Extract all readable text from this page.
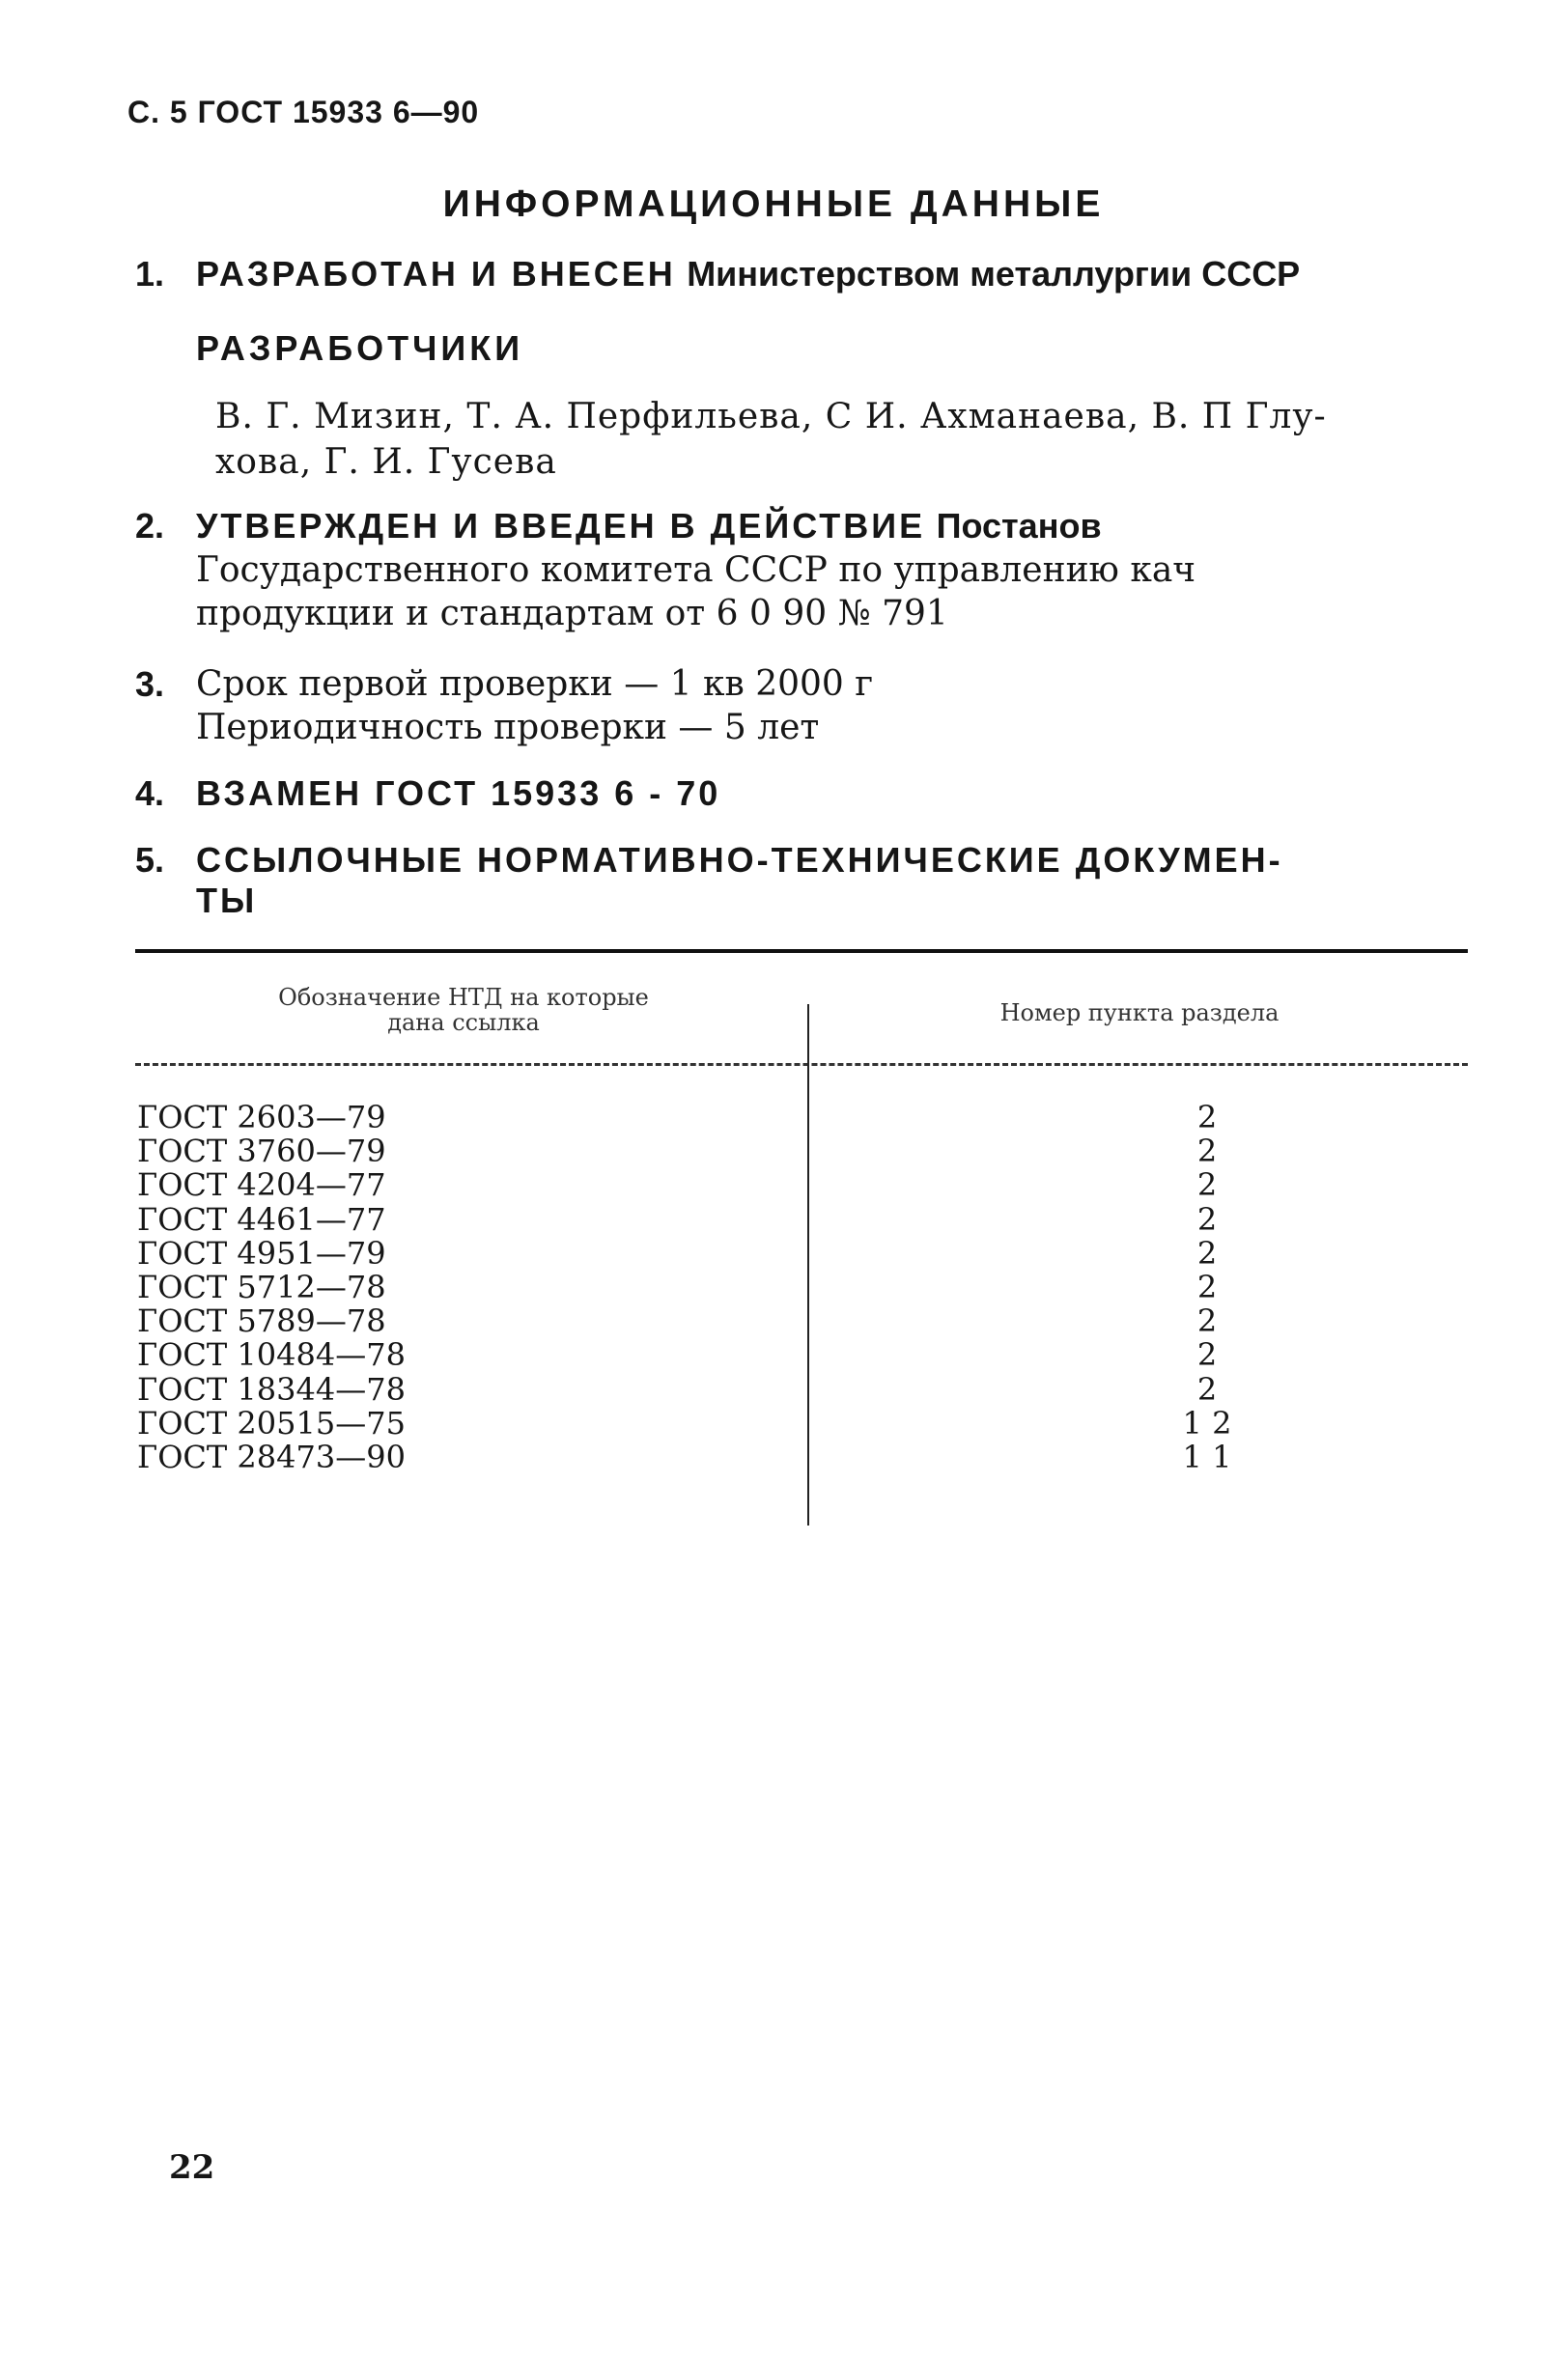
С. 5 ГОСТ 15933 6—90
ИНФОРМАЦИОННЫЕ ДАННЫЕ
1. РАЗРАБОТАН И ВНЕСЕН Министерством металлургии СССР
РАЗРАБОТЧИКИ
В. Г. Мизин, Т. А. Перфильева, С И. Ахманаева, В. П Глу-
хова, Г. И. Гусева
2. УТВЕРЖДЕН И ВВЕДЕН В ДЕЙСТВИЕ Постанов
Государственного комитета СССР по управлению кач
продукции и стандартам от 6 0 90 № 791
3. Срок первой проверки — 1 кв 2000 г
Периодичность проверки — 5 лет
4. ВЗАМЕН ГОСТ 15933 6 - 70
5. ССЫЛОЧНЫЕ НОРМАТИВНО-ТЕХНИЧЕСКИЕ ДОКУМЕН-
ТЫ
Обозначение НТД на которые
дана ссылка	Номер пункта раздела
ГОСТ 2603—79	2
ГОСТ 3760—79	2
ГОСТ 4204—77	2
ГОСТ 4461—77	2
ГОСТ 4951—79	2
ГОСТ 5712—78	2
ГОСТ 5789—78	2
ГОСТ 10484—78	2
ГОСТ 18344—78	2
ГОСТ 20515—75	1 2
ГОСТ 28473—90	1 1
22
